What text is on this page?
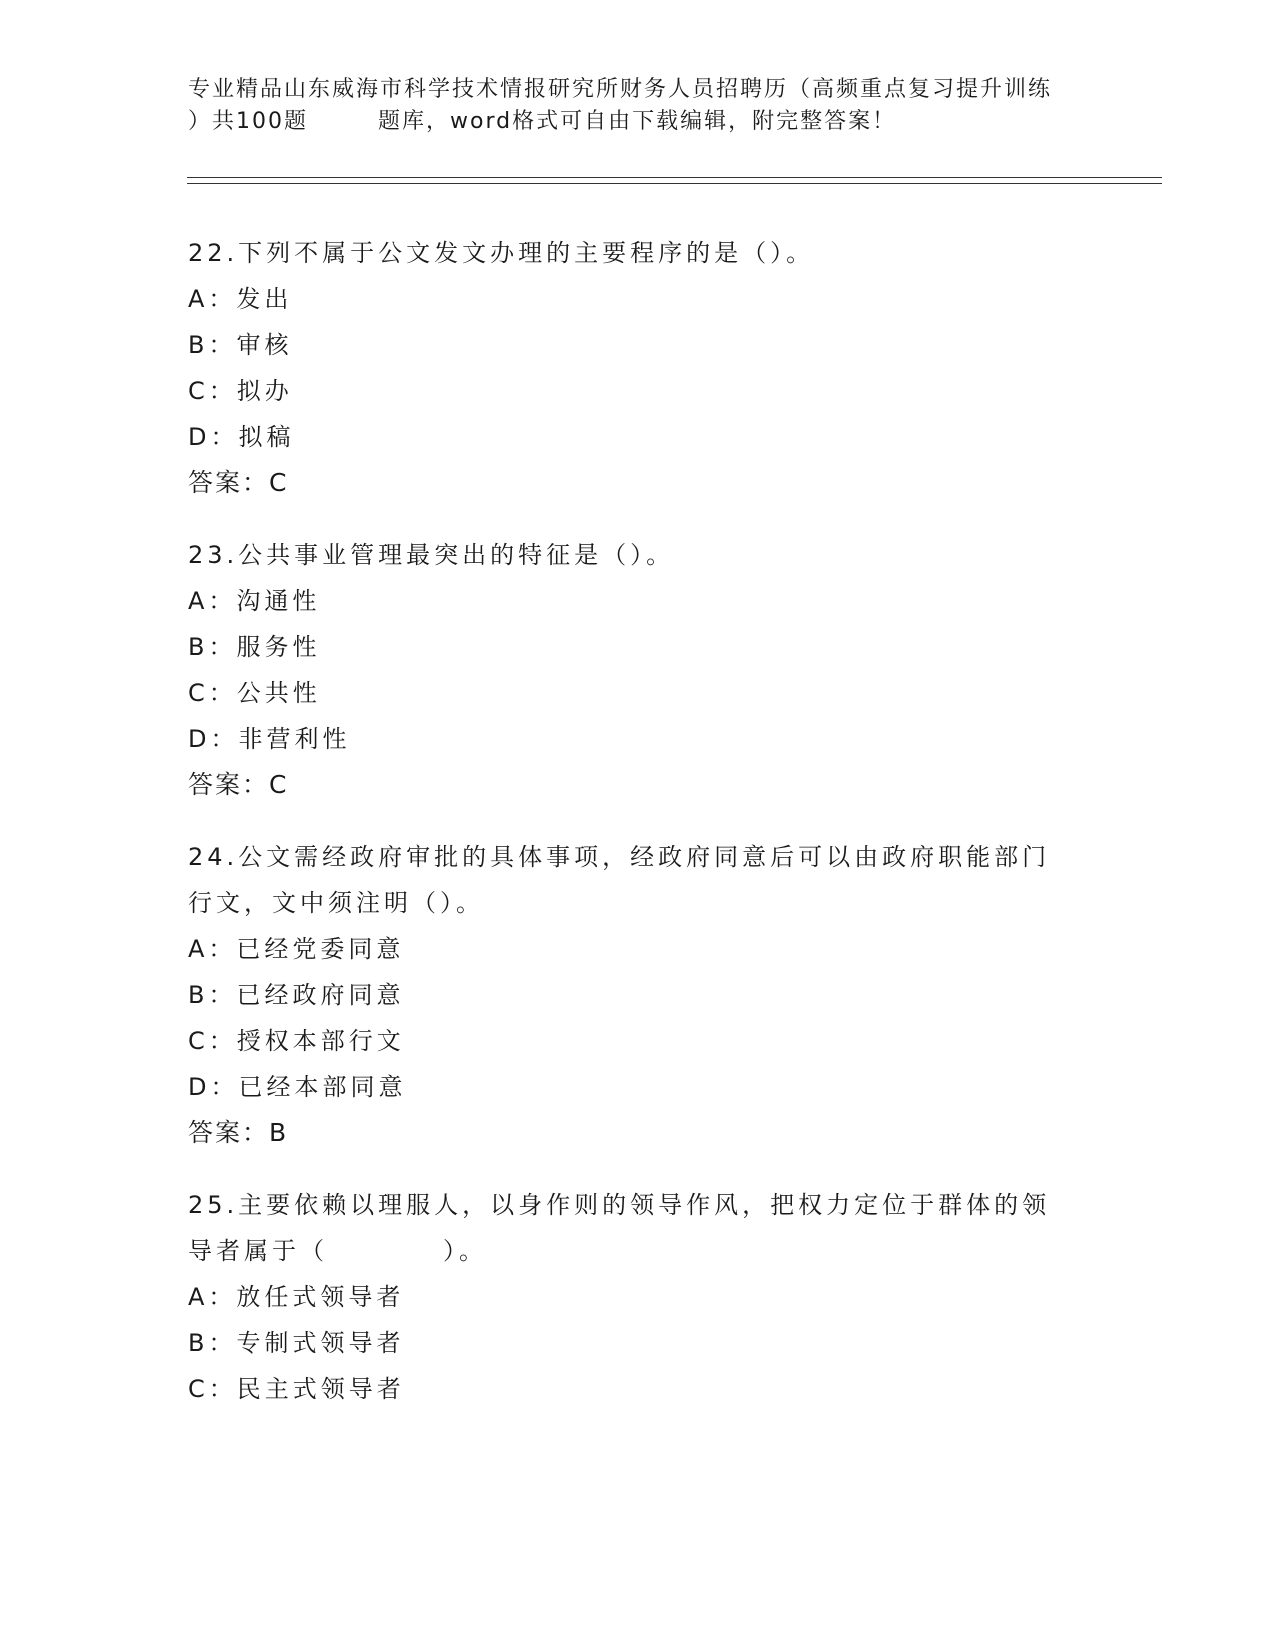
专业精品山东威海市科学技术情报研究所财务人员招聘历（高频重点复习提升训练
）共100题	题库，word格式可自由下载编辑，附完整答案！
22.下列不属于公文发文办理的主要程序的是（）。
A：发出
B：审核
C：拟办
D：拟稿
答案：C
23.公共事业管理最突出的特征是（）。
A：沟通性
B：服务性
C：公共性
D：非营利性
答案：C
24.公文需经政府审批的具体事项，经政府同意后可以由政府职能部门
行文，文中须注明（）。
A：已经党委同意
B：已经政府同意
C：授权本部行文
D：已经本部同意
答案：B
25.主要依赖以理服人，以身作则的领导作风，把权力定位于群体的领
导者属于（	）。
A：放任式领导者
B：专制式领导者
C：民主式领导者
